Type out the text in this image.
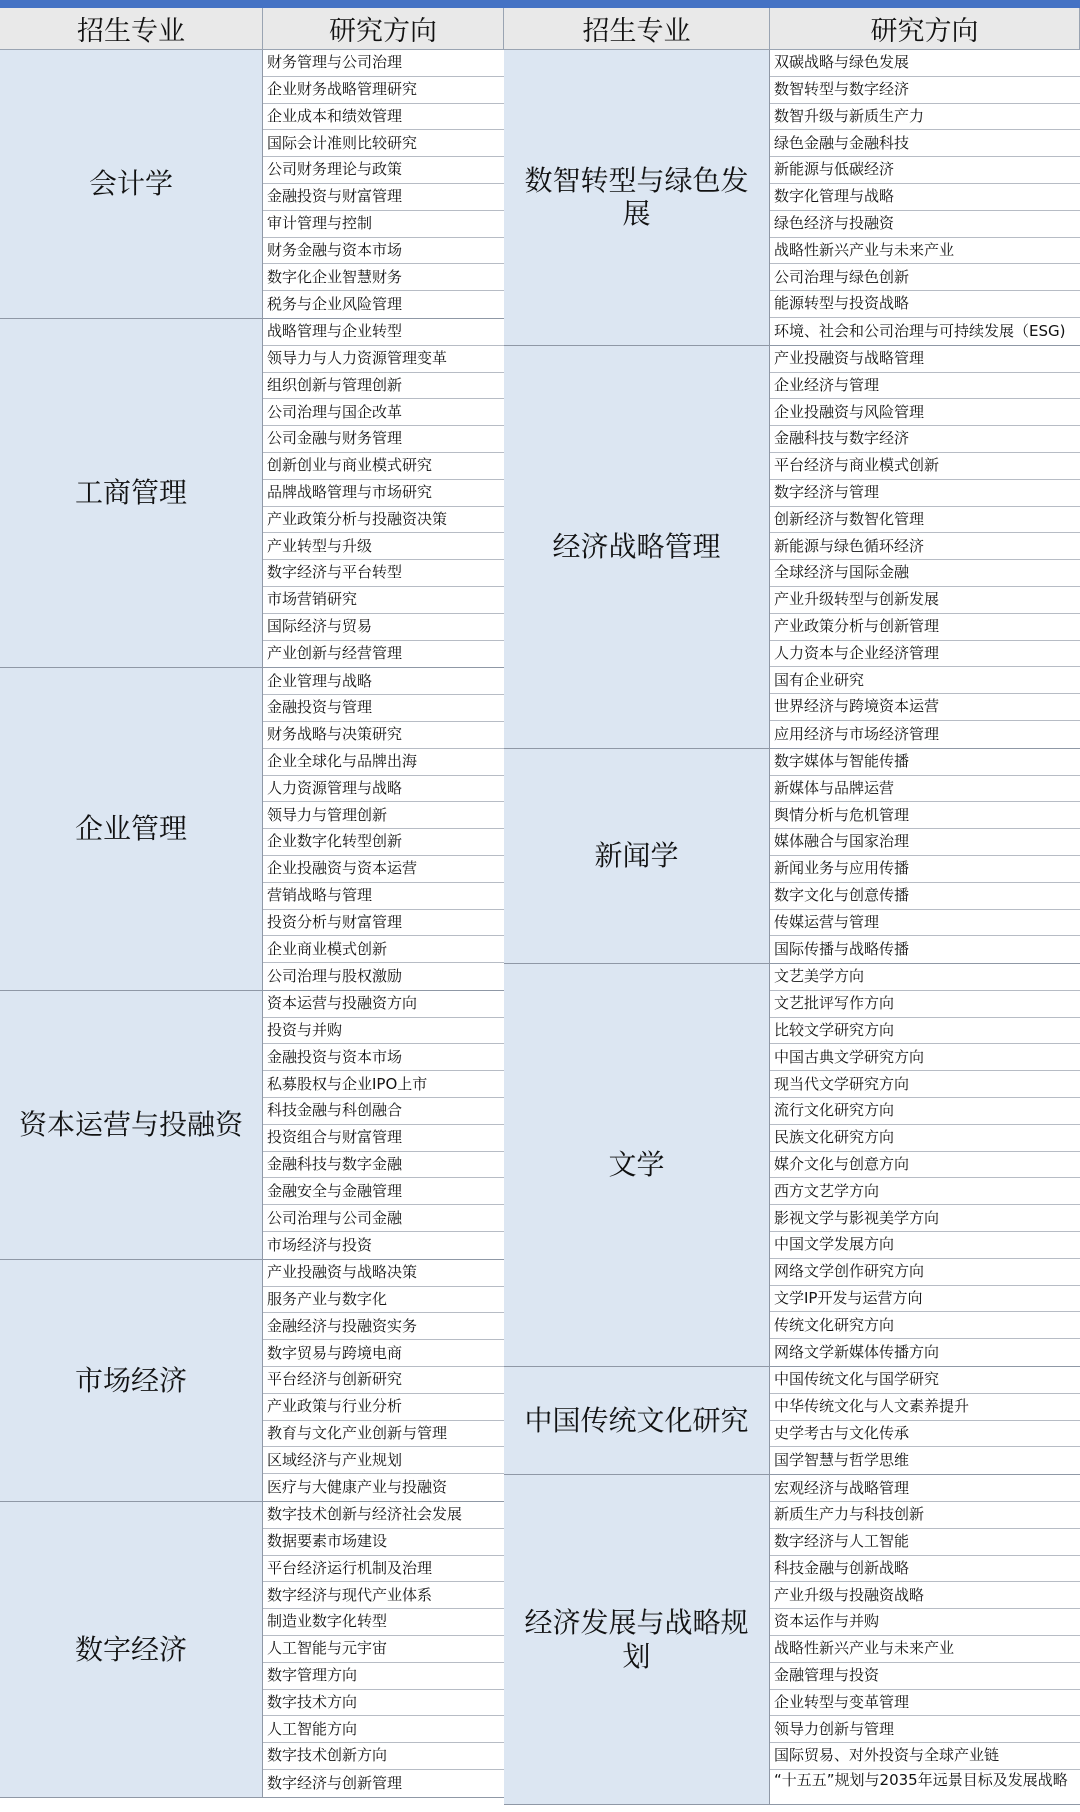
招生专业	研究方向
会计学
财务管理与公司治理
企业财务战略管理研究
企业成本和绩效管理
国际会计准则比较研究
公司财务理论与政策
金融投资与财富管理
审计管理与控制
财务金融与资本市场
数字化企业智慧财务
税务与企业风险管理
工商管理
战略管理与企业转型
领导力与人力资源管理变革
组织创新与管理创新
公司治理与国企改革
公司金融与财务管理
创新创业与商业模式研究
品牌战略管理与市场研究
产业政策分析与投融资决策
产业转型与升级
数字经济与平台转型
市场营销研究
国际经济与贸易
产业创新与经营管理
企业管理
企业管理与战略
金融投资与管理
财务战略与决策研究
企业全球化与品牌出海
人力资源管理与战略
领导力与管理创新
企业数字化转型创新
企业投融资与资本运营
营销战略与管理
投资分析与财富管理
企业商业模式创新
公司治理与股权激励
资本运营与投融资
资本运营与投融资方向
投资与并购
金融投资与资本市场
私募股权与企业IPO上市
科技金融与科创融合
投资组合与财富管理
金融科技与数字金融
金融安全与金融管理
公司治理与公司金融
市场经济与投资
市场经济
产业投融资与战略决策
服务产业与数字化
金融经济与投融资实务
数字贸易与跨境电商
平台经济与创新研究
产业政策与行业分析
教育与文化产业创新与管理
区域经济与产业规划
医疗与大健康产业与投融资
数字经济
数字技术创新与经济社会发展
数据要素市场建设
平台经济运行机制及治理
数字经济与现代产业体系
制造业数字化转型
人工智能与元宇宙
数字管理方向
数字技术方向
人工智能方向
数字技术创新方向
数字经济与创新管理
招生专业	研究方向
数智转型与绿色发展
双碳战略与绿色发展
数智转型与数字经济
数智升级与新质生产力
绿色金融与金融科技
新能源与低碳经济
数字化管理与战略
绿色经济与投融资
战略性新兴产业与未来产业
公司治理与绿色创新
能源转型与投资战略
环境、社会和公司治理与可持续发展（ESG)
经济战略管理
产业投融资与战略管理
企业经济与管理
企业投融资与风险管理
金融科技与数字经济
平台经济与商业模式创新
数字经济与管理
创新经济与数智化管理
新能源与绿色循环经济
全球经济与国际金融
产业升级转型与创新发展
产业政策分析与创新管理
人力资本与企业经济管理
国有企业研究
世界经济与跨境资本运营
应用经济与市场经济管理
新闻学
数字媒体与智能传播
新媒体与品牌运营
舆情分析与危机管理
媒体融合与国家治理
新闻业务与应用传播
数字文化与创意传播
传媒运营与管理
国际传播与战略传播
文学
文艺美学方向
文艺批评写作方向
比较文学研究方向
中国古典文学研究方向
现当代文学研究方向
流行文化研究方向
民族文化研究方向
媒介文化与创意方向
西方文艺学方向
影视文学与影视美学方向
中国文学发展方向
网络文学创作研究方向
文学IP开发与运营方向
传统文化研究方向
网络文学新媒体传播方向
中国传统文化研究
中国传统文化与国学研究
中华传统文化与人文素养提升
史学考古与文化传承
国学智慧与哲学思维
经济发展与战略规划
宏观经济与战略管理
新质生产力与科技创新
数字经济与人工智能
科技金融与创新战略
产业升级与投融资战略
资本运作与并购
战略性新兴产业与未来产业
金融管理与投资
企业转型与变革管理
领导力创新与管理
国际贸易、对外投资与全球产业链
“十五五”规划与2035年远景目标及发展战略
